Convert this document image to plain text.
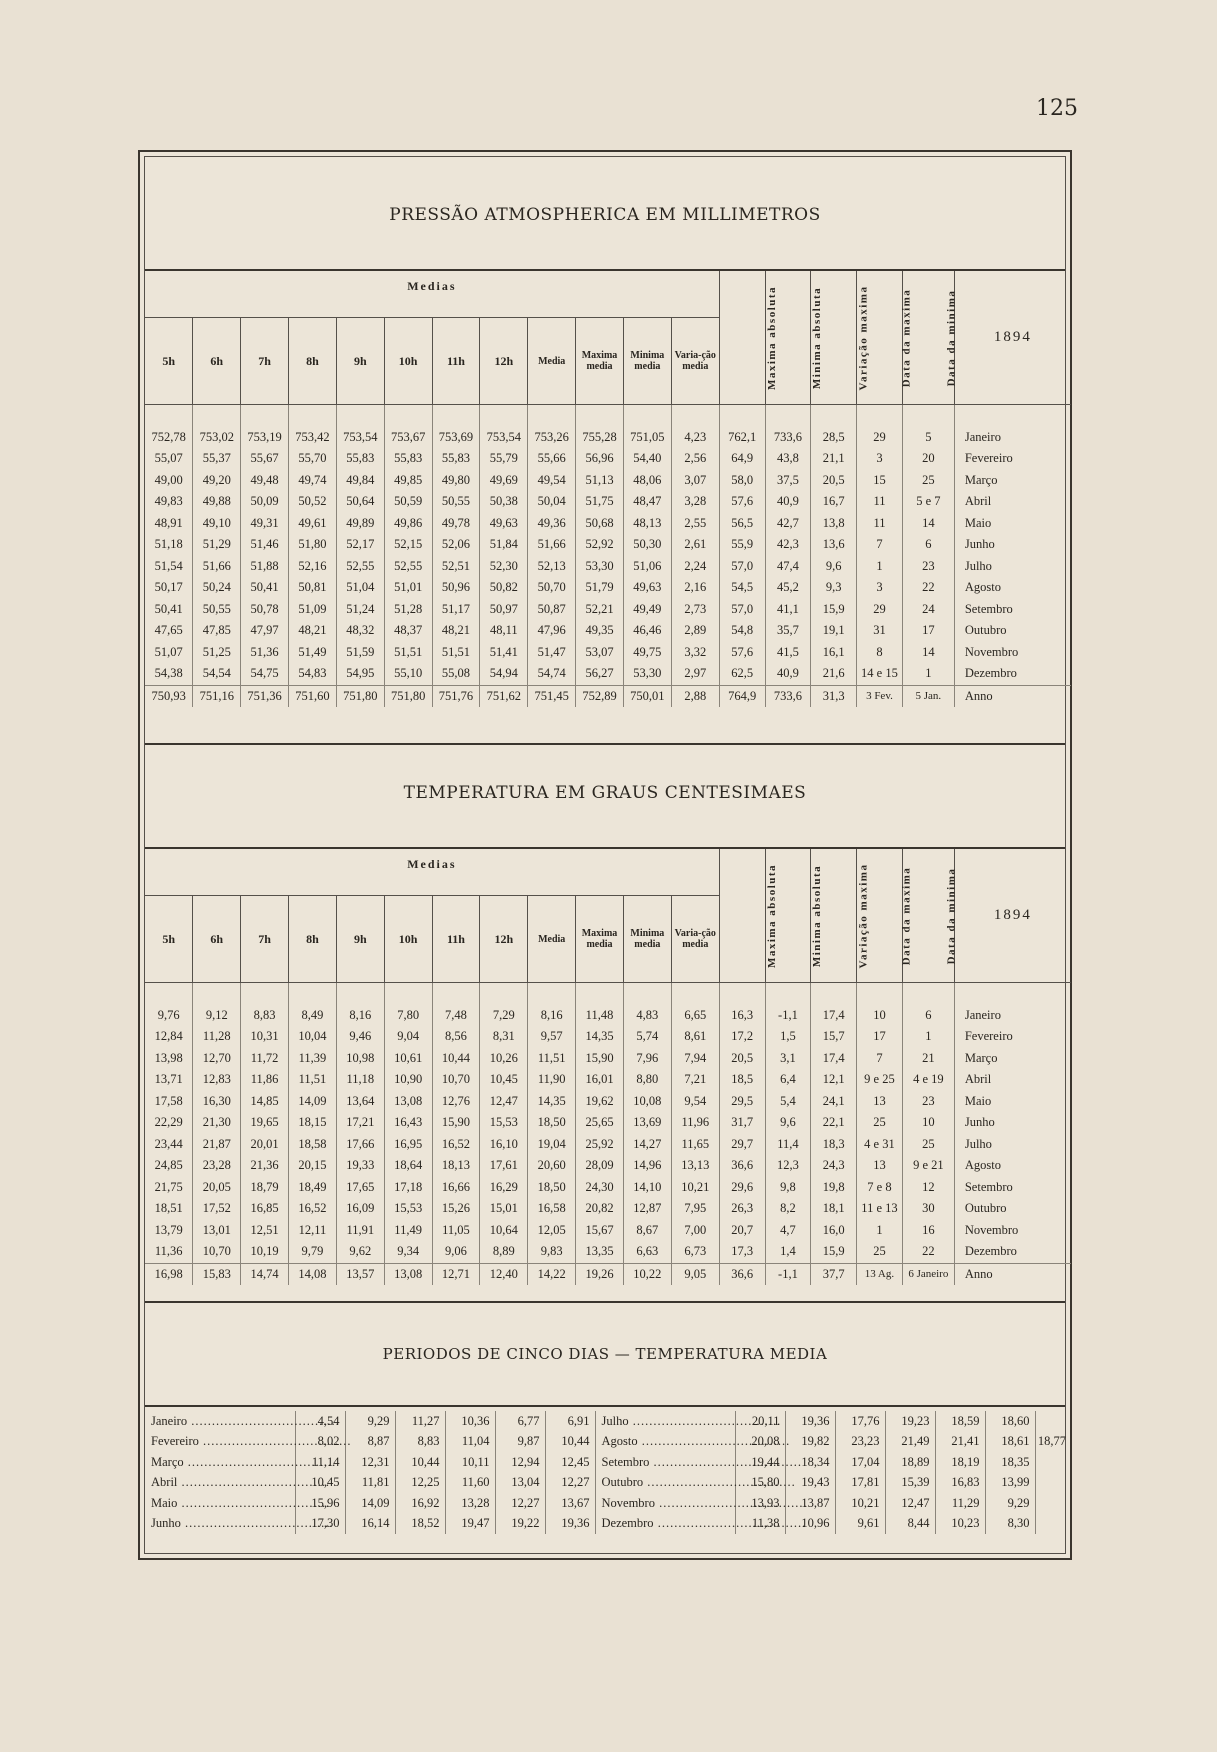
125
PRESSÃO ATMOSPHERICA EM MILLIMETROS
Medias												Maxima absoluta	Minima absoluta	Variação maxima	Data da maxima	Data da minima	1894
5h	6h	7h	8h	9h	10h	11h	12h	Media	Maxima media	Minima media	Varia-ção media						

752,78	753,02	753,19	753,42	753,54	753,67	753,69	753,54	753,26	755,28	751,05	4,23	762,1	733,6	28,5	29	5	Janeiro
55,07	55,37	55,67	55,70	55,83	55,83	55,83	55,79	55,66	56,96	54,40	2,56	64,9	43,8	21,1	3	20	Fevereiro
49,00	49,20	49,48	49,74	49,84	49,85	49,80	49,69	49,54	51,13	48,06	3,07	58,0	37,5	20,5	15	25	Março
49,83	49,88	50,09	50,52	50,64	50,59	50,55	50,38	50,04	51,75	48,47	3,28	57,6	40,9	16,7	11	5 e 7	Abril
48,91	49,10	49,31	49,61	49,89	49,86	49,78	49,63	49,36	50,68	48,13	2,55	56,5	42,7	13,8	11	14	Maio
51,18	51,29	51,46	51,80	52,17	52,15	52,06	51,84	51,66	52,92	50,30	2,61	55,9	42,3	13,6	7	6	Junho
51,54	51,66	51,88	52,16	52,55	52,55	52,51	52,30	52,13	53,30	51,06	2,24	57,0	47,4	9,6	1	23	Julho
50,17	50,24	50,41	50,81	51,04	51,01	50,96	50,82	50,70	51,79	49,63	2,16	54,5	45,2	9,3	3	22	Agosto
50,41	50,55	50,78	51,09	51,24	51,28	51,17	50,97	50,87	52,21	49,49	2,73	57,0	41,1	15,9	29	24	Setembro
47,65	47,85	47,97	48,21	48,32	48,37	48,21	48,11	47,96	49,35	46,46	2,89	54,8	35,7	19,1	31	17	Outubro
51,07	51,25	51,36	51,49	51,59	51,51	51,51	51,41	51,47	53,07	49,75	3,32	57,6	41,5	16,1	8	14	Novembro
54,38	54,54	54,75	54,83	54,95	55,10	55,08	54,94	54,74	56,27	53,30	2,97	62,5	40,9	21,6	14 e 15	1	Dezembro
750,93	751,16	751,36	751,60	751,80	751,80	751,76	751,62	751,45	752,89	750,01	2,88	764,9	733,6	31,3	3 Fev.	5 Jan.	Anno
TEMPERATURA EM GRAUS CENTESIMAES
Medias												Maxima absoluta	Minima absoluta	Variação maxima	Data da maxima	Data da minima	1894
5h	6h	7h	8h	9h	10h	11h	12h	Media	Maxima media	Minima media	Varia-ção media						

9,76	9,12	8,83	8,49	8,16	7,80	7,48	7,29	8,16	11,48	4,83	6,65	16,3	-1,1	17,4	10	6	Janeiro
12,84	11,28	10,31	10,04	9,46	9,04	8,56	8,31	9,57	14,35	5,74	8,61	17,2	1,5	15,7	17	1	Fevereiro
13,98	12,70	11,72	11,39	10,98	10,61	10,44	10,26	11,51	15,90	7,96	7,94	20,5	3,1	17,4	7	21	Março
13,71	12,83	11,86	11,51	11,18	10,90	10,70	10,45	11,90	16,01	8,80	7,21	18,5	6,4	12,1	9 e 25	4 e 19	Abril
17,58	16,30	14,85	14,09	13,64	13,08	12,76	12,47	14,35	19,62	10,08	9,54	29,5	5,4	24,1	13	23	Maio
22,29	21,30	19,65	18,15	17,21	16,43	15,90	15,53	18,50	25,65	13,69	11,96	31,7	9,6	22,1	25	10	Junho
23,44	21,87	20,01	18,58	17,66	16,95	16,52	16,10	19,04	25,92	14,27	11,65	29,7	11,4	18,3	4 e 31	25	Julho
24,85	23,28	21,36	20,15	19,33	18,64	18,13	17,61	20,60	28,09	14,96	13,13	36,6	12,3	24,3	13	9 e 21	Agosto
21,75	20,05	18,79	18,49	17,65	17,18	16,66	16,29	18,50	24,30	14,10	10,21	29,6	9,8	19,8	7 e 8	12	Setembro
18,51	17,52	16,85	16,52	16,09	15,53	15,26	15,01	16,58	20,82	12,87	7,95	26,3	8,2	18,1	11 e 13	30	Outubro
13,79	13,01	12,51	12,11	11,91	11,49	11,05	10,64	12,05	15,67	8,67	7,00	20,7	4,7	16,0	1	16	Novembro
11,36	10,70	10,19	9,79	9,62	9,34	9,06	8,89	9,83	13,35	6,63	6,73	17,3	1,4	15,9	25	22	Dezembro
16,98	15,83	14,74	14,08	13,57	13,08	12,71	12,40	14,22	19,26	10,22	9,05	36,6	-1,1	37,7	13 Ag.	6 Janeiro	Anno
PERIODOS DE CINCO DIAS — TEMPERATURA MEDIA
Janeiro .....	4,54	9,29	11,27	10,36	6,77	6,91	Julho .....	20,11	19,36	17,76	19,23	18,59	18,60	
Fevereiro .....	8,02	8,87	8,83	11,04	9,87	10,44	Agosto .....	20,08	19,82	23,23	21,49	21,41	18,61	18,77
Março .....	11,14	12,31	10,44	10,11	12,94	12,45	Setembro .....	19,44	18,34	17,04	18,89	18,19	18,35	
Abril .....	10,45	11,81	12,25	11,60	13,04	12,27	Outubro .....	15,80	19,43	17,81	15,39	16,83	13,99	
Maio .....	15,96	14,09	16,92	13,28	12,27	13,67	Novembro .....	13,93	13,87	10,21	12,47	11,29	9,29	
Junho .....	17,30	16,14	18,52	19,47	19,22	19,36	Dezembro .....	11,38	10,96	9,61	8,44	10,23	8,30	
